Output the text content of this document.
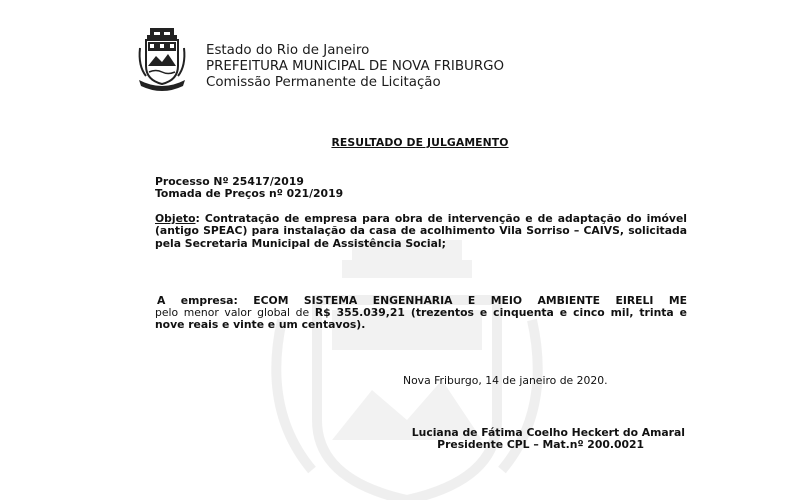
Estado do Rio de Janeiro
PREFEITURA MUNICIPAL DE NOVA FRIBURGO
Comissão Permanente de Licitação
RESULTADO DE JULGAMENTO
Processo Nº 25417/2019
Tomada de Preços nº 021/2019
Objeto: Contratação de empresa para obra de intervenção e de adaptação do imóvel (antigo SPEAC) para instalação da casa de acolhimento Vila Sorriso – CAIVS, solicitada pela Secretaria Municipal de Assistência Social;
A empresa: ECOM SISTEMA ENGENHARIA E MEIO AMBIENTE EIRELI ME
pelo menor valor global de R$ 355.039,21 (trezentos e cinquenta e cinco mil, trinta e nove reais e vinte e um centavos).
Nova Friburgo, 14 de janeiro de 2020.
Luciana de Fátima Coelho Heckert do Amaral
Presidente CPL – Mat.nº 200.0021
